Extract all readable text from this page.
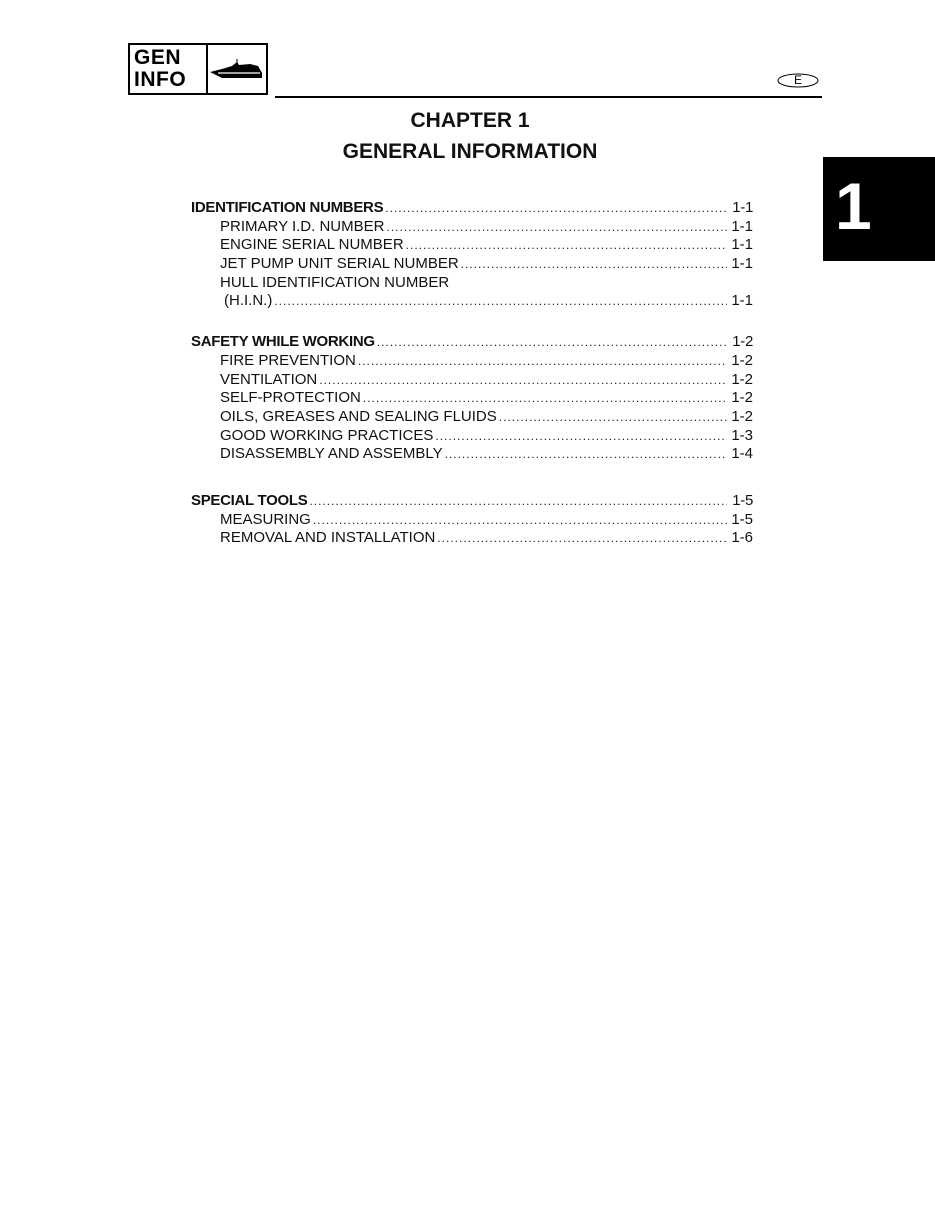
GEN
INFO	E
1
CHAPTER 1
GENERAL INFORMATION
IDENTIFICATION NUMBERS .....	1-1
PRIMARY I.D. NUMBER .....	1-1
ENGINE SERIAL NUMBER .....	1-1
JET PUMP UNIT SERIAL NUMBER .....	1-1
HULL IDENTIFICATION NUMBER
(H.I.N.) .....	1-1
SAFETY WHILE WORKING .....	1-2
FIRE PREVENTION .....	1-2
VENTILATION .....	1-2
SELF-PROTECTION .....	1-2
OILS, GREASES AND SEALING FLUIDS .....	1-2
GOOD WORKING PRACTICES .....	1-3
DISASSEMBLY AND ASSEMBLY .....	1-4
SPECIAL TOOLS .....	1-5
MEASURING .....	1-5
REMOVAL AND INSTALLATION .....	1-6
